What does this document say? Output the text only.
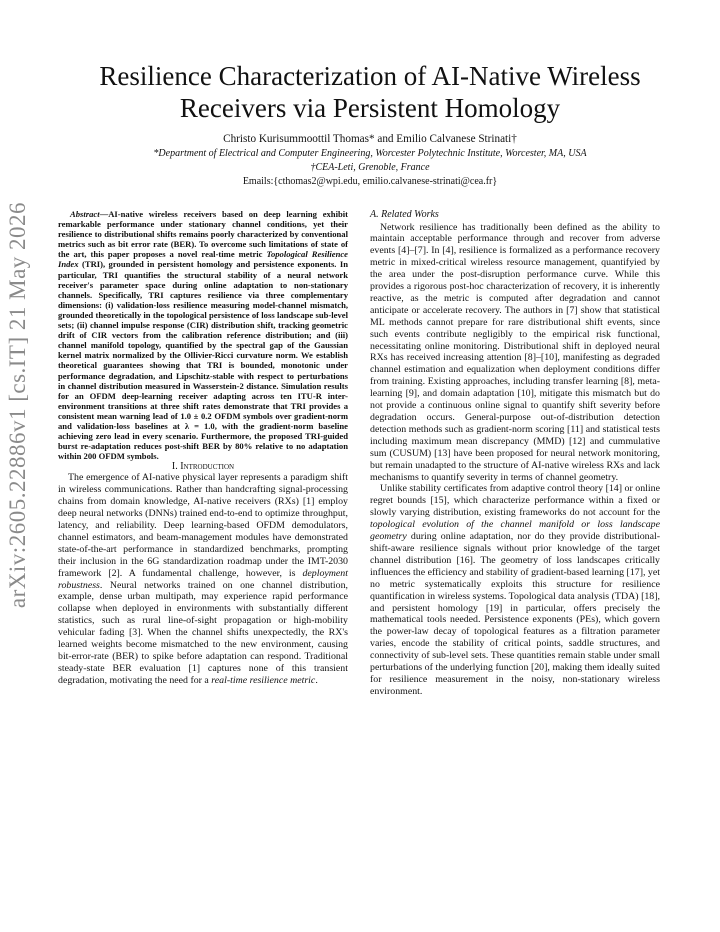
arXiv:2605.22886v1 [cs.IT] 21 May 2026
Resilience Characterization of AI-Native Wireless Receivers via Persistent Homology
Christo Kurisummoottil Thomas* and Emilio Calvanese Strinati†
*Department of Electrical and Computer Engineering, Worcester Polytechnic Institute, Worcester, MA, USA
†CEA-Leti, Grenoble, France
Emails:{cthomas2@wpi.edu, emilio.calvanese-strinati@cea.fr}

Abstract—AI-native wireless receivers based on deep learning exhibit remarkable performance under stationary channel conditions, yet their resilience to distributional shifts remains poorly characterized by conventional metrics such as bit error rate (BER). To overcome such limitations of state of the art, this paper proposes a novel real-time metric Topological Resilience Index (TRI), grounded in persistent homology and persistence exponents. In particular, TRI quantifies the structural stability of a neural network receiver's parameter space during online adaptation to non-stationary channels. Specifically, TRI captures resilience via three complementary dimensions: (i) validation-loss resilience measuring model-channel mismatch, grounded theoretically in the topological persistence of loss landscape sub-level sets; (ii) channel impulse response (CIR) distribution shift, tracking geometric drift of CIR vectors from the calibration reference distribution; and (iii) channel manifold topology, quantified by the spectral gap of the Gaussian kernel matrix normalized by the Ollivier-Ricci curvature norm. We establish theoretical guarantees showing that TRI is bounded, monotonic under performance degradation, and Lipschitz-stable with respect to perturbations in channel distribution measured in Wasserstein-2 distance. Simulation results for an OFDM deep-learning receiver adapting across ten ITU-R inter-environment transitions at three shift rates demonstrate that TRI provides a consistent mean warning lead of 1.0 ± 0.2 OFDM symbols over gradient-norm and validation-loss baselines at λ = 1.0, with the gradient-norm baseline achieving zero lead in every scenario. Furthermore, the proposed TRI-guided burst re-adaptation reduces post-shift BER by 80% relative to no adaptation within 200 OFDM symbols.

I. Introduction

The emergence of AI-native physical layer represents a paradigm shift in wireless communications. Rather than handcrafting signal-processing chains from domain knowledge, AI-native receivers (RXs) [1] employ deep neural networks (DNNs) trained end-to-end to optimize throughput, latency, and reliability. Deep learning-based OFDM demodulators, channel estimators, and beam-management modules have demonstrated state-of-the-art performance in standardized benchmarks, prompting their inclusion in the 6G standardization roadmap under the IMT-2030 framework [2]. A fundamental challenge, however, is deployment robustness. Neural networks trained on one channel distribution, example, dense urban multipath, may experience rapid performance collapse when deployed in environments with substantially different statistics, such as rural line-of-sight propagation or high-mobility vehicular fading [3]. When the channel shifts unexpectedly, the RX's learned weights become mismatched to the new environment, causing bit-error-rate (BER) to spike before adaptation can respond. Traditional steady-state BER evaluation [1] captures none of this transient degradation, motivating the need for a real-time resilience metric.

A. Related Works

Network resilience has traditionally been defined as the ability to maintain acceptable performance through and recover from adverse events [4]–[7]. In [4], resilience is formalized as a performance recovery metric in mixed-critical wireless resource management, quantifyied by the area under the post-disruption performance curve. While this provides a rigorous post-hoc characterization of recovery, it is inherently reactive, as the metric is computed after degradation and cannot anticipate or accelerate recovery. The authors in [7] show that statistical ML methods cannot prepare for rare distributional shift events, since such events contribute negligibly to the empirical risk functional, necessitating online monitoring. Distributional shift in deployed neural RXs has received increasing attention [8]–[10], manifesting as degraded channel estimation and equalization when deployment conditions differ from training. Existing approaches, including transfer learning [8], meta-learning [9], and domain adaptation [10], mitigate this mismatch but do not provide a continuous online signal to quantify shift severity before degradation occurs. General-purpose out-of-distribution detection detection methods such as gradient-norm scoring [11] and statistical tests including maximum mean discrepancy (MMD) [12] and cummulative sum (CUSUM) [13] have been proposed for neural network monitoring, but remain unadapted to the structure of AI-native wireless RXs and lack mechanisms to quantify severity in terms of channel geometry.

Unlike stability certificates from adaptive control theory [14] or online regret bounds [15], which characterize performance within a fixed or slowly varying distribution, existing frameworks do not account for the topological evolution of the channel manifold or loss landscape geometry during online adaptation, nor do they provide distributional-shift-aware resilience signals without prior knowledge of the target channel distribution [16]. The geometry of loss landscapes critically influences the efficiency and stability of gradient-based learning [17], yet no metric systematically exploits this structure for resilience quantification in wireless systems. Topological data analysis (TDA) [18], and persistent homology [19] in particular, offers precisely the mathematical tools needed. Persistence exponents (PEs), which govern the power-law decay of topological features as a filtration parameter varies, encode the stability of critical points, saddle structures, and connectivity of sub-level sets. These quantities remain stable under small perturbations of the underlying function [20], making them ideally suited for resilience measurement in the noisy, non-stationary wireless environment.
